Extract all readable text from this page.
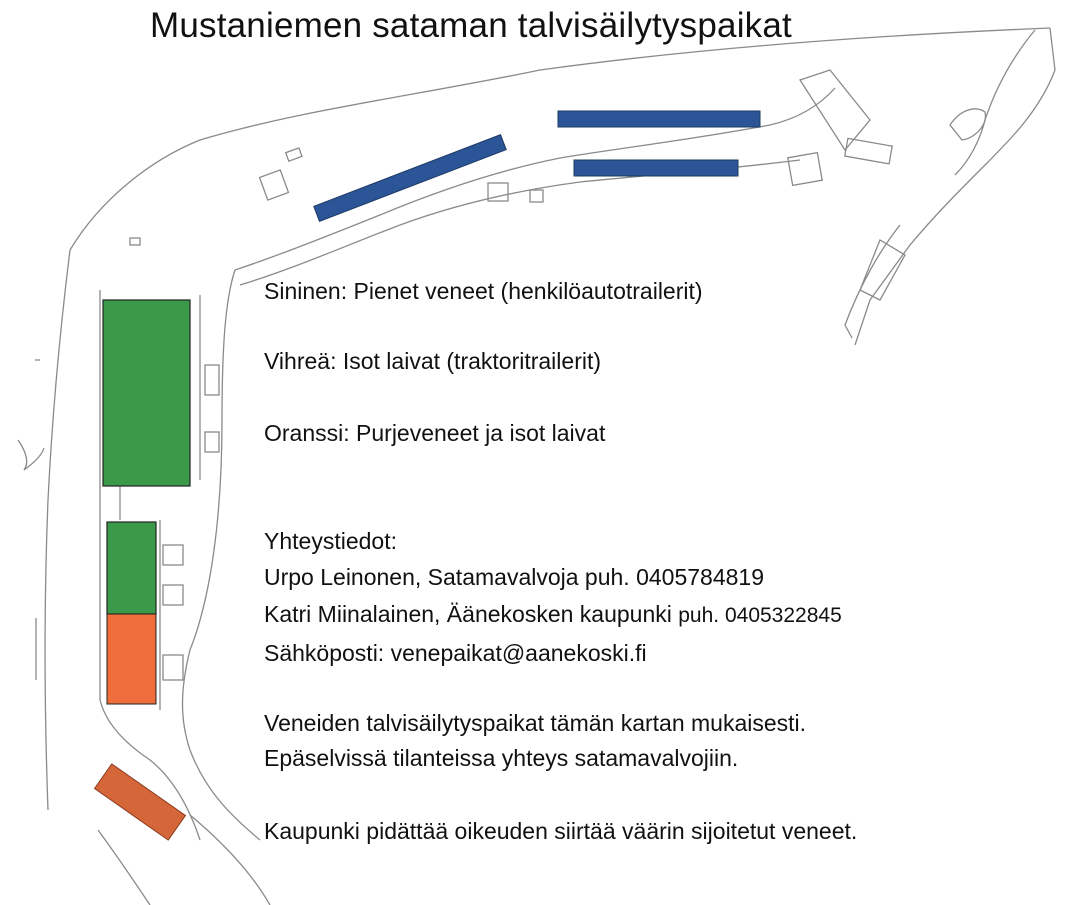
Mustaniemen sataman talvisäilytyspaikat
Sininen: Pienet veneet (henkilöautotrailerit)
Vihreä: Isot laivat (traktoritrailerit)
Oranssi: Purjeveneet ja isot laivat
Yhteystiedot:
Urpo Leinonen, Satamavalvoja puh. 0405784819
Katri Miinalainen, Äänekosken kaupunki puh. 0405322845
Sähköposti: venepaikat@aanekoski.fi
Veneiden talvisäilytyspaikat tämän kartan mukaisesti.
Epäselvissä tilanteissa yhteys satamavalvojiin.
Kaupunki pidättää oikeuden siirtää väärin sijoitetut veneet.
